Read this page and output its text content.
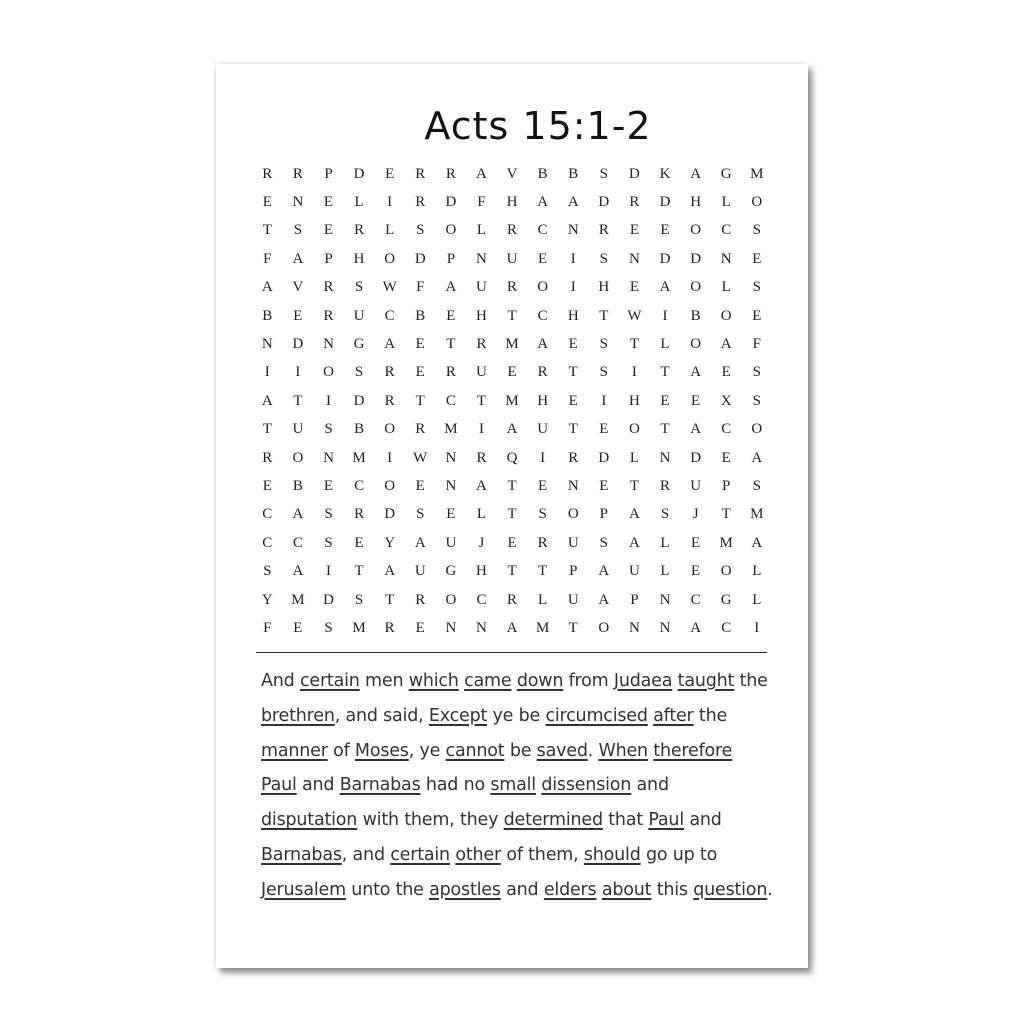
Acts 15:1-2
R	R	P	D	E	R	R	A	V	B	B	S	D	K	A	G	M
E	N	E	L	I	R	D	F	H	A	A	D	R	D	H	L	O
T	S	E	R	L	S	O	L	R	C	N	R	E	E	O	C	S
F	A	P	H	O	D	P	N	U	E	I	S	N	D	D	N	E
A	V	R	S	W	F	A	U	R	O	I	H	E	A	O	L	S
B	E	R	U	C	B	E	H	T	C	H	T	W	I	B	O	E
N	D	N	G	A	E	T	R	M	A	E	S	T	L	O	A	F
I	I	O	S	R	E	R	U	E	R	T	S	I	T	A	E	S
A	T	I	D	R	T	C	T	M	H	E	I	H	E	E	X	S
T	U	S	B	O	R	M	I	A	U	T	E	O	T	A	C	O
R	O	N	M	I	W	N	R	Q	I	R	D	L	N	D	E	A
E	B	E	C	O	E	N	A	T	E	N	E	T	R	U	P	S
C	A	S	R	D	S	E	L	T	S	O	P	A	S	J	T	M
C	C	S	E	Y	A	U	J	E	R	U	S	A	L	E	M	A
S	A	I	T	A	U	G	H	T	T	P	A	U	L	E	O	L
Y	M	D	S	T	R	O	C	R	L	U	A	P	N	C	G	L
F	E	S	M	R	E	N	N	A	M	T	O	N	N	A	C	I
And certain men which came down from Judaea taught the
brethren, and said, Except ye be circumcised after the
manner of Moses, ye cannot be saved. When therefore
Paul and Barnabas had no small dissension and
disputation with them, they determined that Paul and
Barnabas, and certain other of them, should go up to
Jerusalem unto the apostles and elders about this question.
